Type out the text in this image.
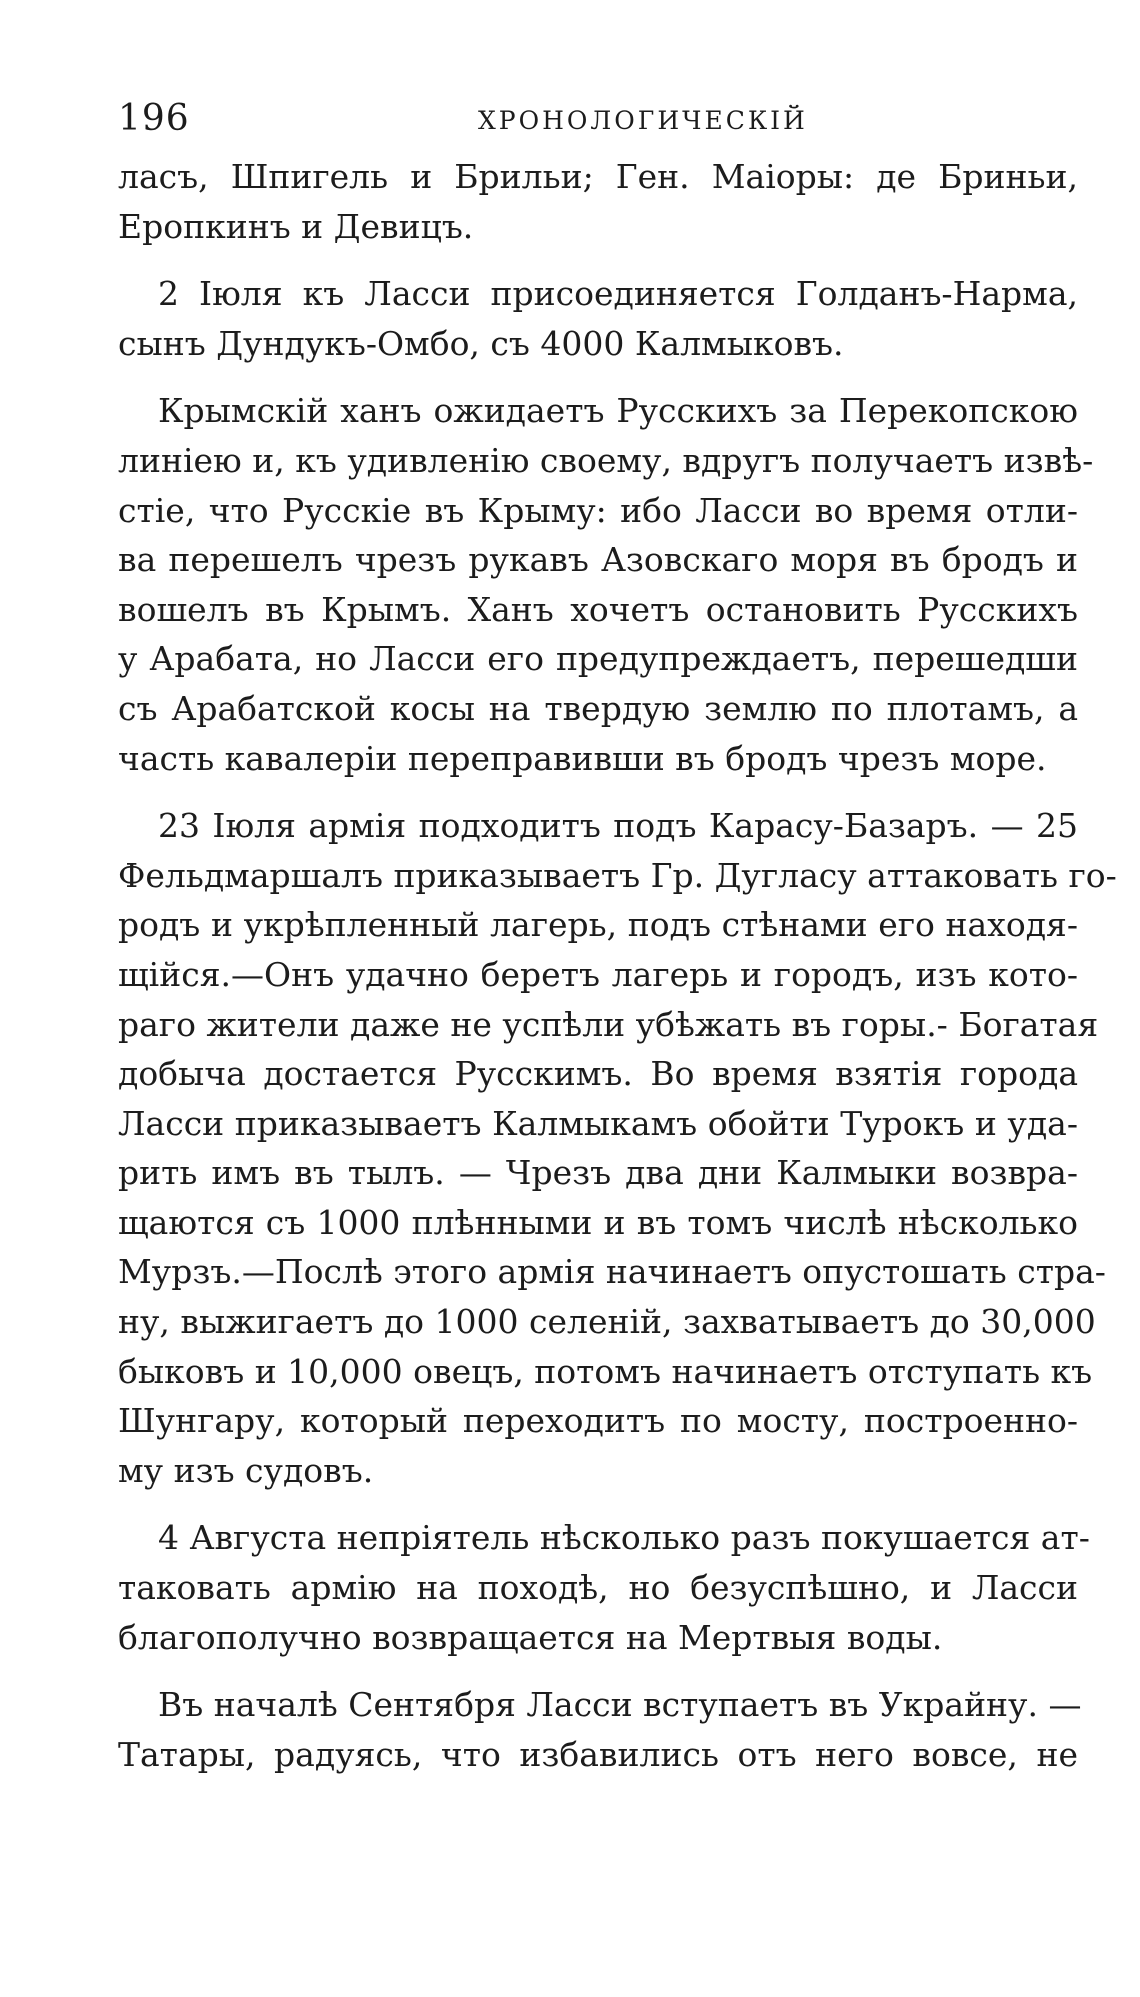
196	ХРОНОЛОГИЧЕСКІЙ
ласъ, Шпигель и Брильи; Ген. Маіоры: де Бриньи,
Еропкинъ и Девицъ.
2 Іюля къ Ласси присоединяется Голданъ-Нарма,
сынъ Дундукъ-Омбо, съ 4000 Калмыковъ.
Крымскій ханъ ожидаетъ Русскихъ за Перекопскою
линіею и, къ удивленію своему, вдругъ получаетъ извѣ-
стіе, что Русскіе въ Крыму: ибо Ласси во время отли-
ва перешелъ чрезъ рукавъ Азовскаго моря въ бродъ и
вошелъ въ Крымъ. Ханъ хочетъ остановить Русскихъ
у Арабата, но Ласси его предупреждаетъ, перешедши
съ Арабатской косы на твердую землю по плотамъ, а
часть кавалеріи переправивши въ бродъ чрезъ море.
23 Іюля армія подходитъ подъ Карасу-Базаръ. — 25
Фельдмаршалъ приказываетъ Гр. Дугласу аттаковать го-
родъ и укрѣпленный лагерь, подъ стѣнами его находя-
щійся.—Онъ удачно беретъ лагерь и городъ, изъ кото-
раго жители даже не успѣли убѣжать въ горы.- Богатая
добыча достается Русскимъ. Во время взятія города
Ласси приказываетъ Калмыкамъ обойти Турокъ и уда-
рить имъ въ тылъ. — Чрезъ два дни Калмыки возвра-
щаются съ 1000 плѣнными и въ томъ числѣ нѣсколько
Мурзъ.—Послѣ этого армія начинаетъ опустошать стра-
ну, выжигаетъ до 1000 селеній, захватываетъ до 30,000
быковъ и 10,000 овецъ, потомъ начинаетъ отступать къ
Шунгару, который переходитъ по мосту, построенно-
му изъ судовъ.
4 Августа непріятель нѣсколько разъ покушается ат-
таковать армію на походѣ, но безуспѣшно, и Ласси
благополучно возвращается на Мертвыя воды.
Въ началѣ Сентября Ласси вступаетъ въ Украйну. —
Татары, радуясь, что избавились отъ него вовсе, не
